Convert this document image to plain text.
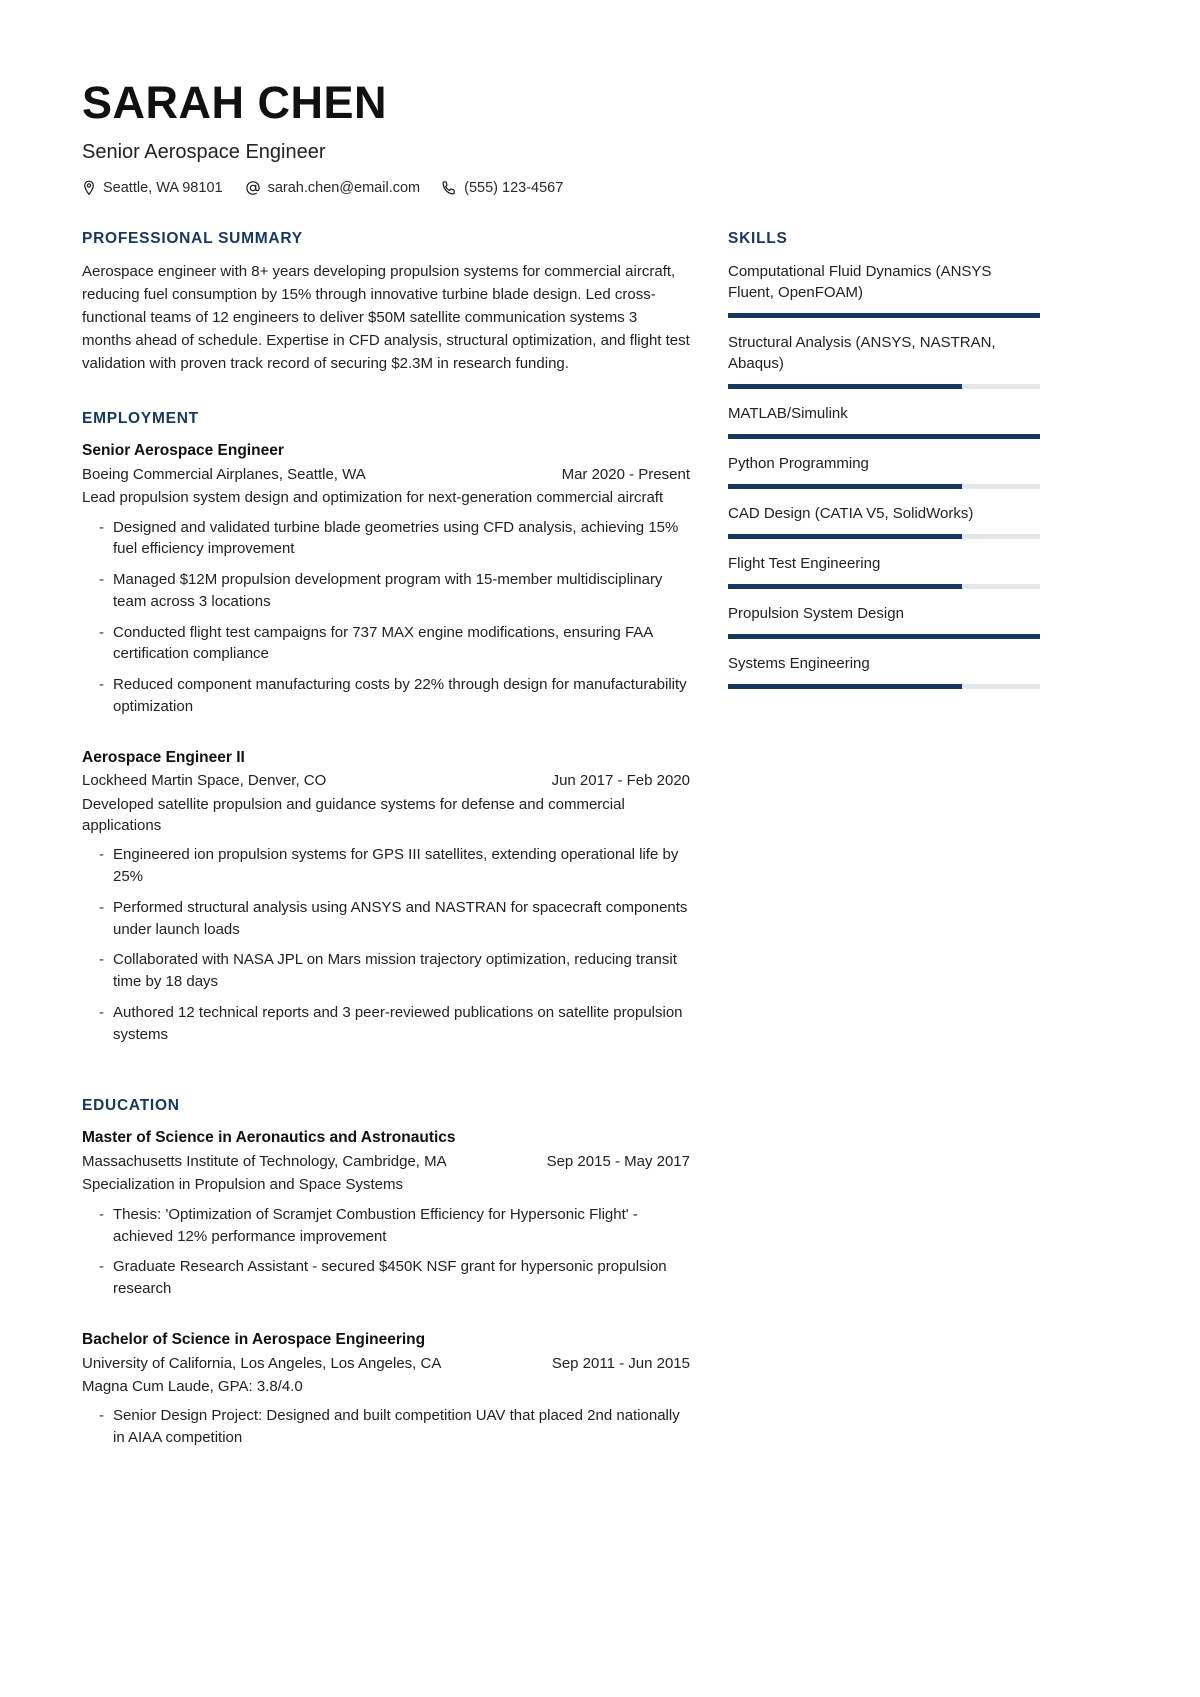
SARAH CHEN
Senior Aerospace Engineer
Seattle, WA 98101	sarah.chen@email.com	(555) 123-4567
PROFESSIONAL SUMMARY

Aerospace engineer with 8+ years developing propulsion systems for commercial aircraft, reducing fuel consumption by 15% through innovative turbine blade design. Led cross-functional teams of 12 engineers to deliver $50M satellite communication systems 3 months ahead of schedule. Expertise in CFD analysis, structural optimization, and flight test validation with proven track record of securing $2.3M in research funding.

EMPLOYMENT
Senior Aerospace Engineer
Boeing Commercial Airplanes, Seattle, WA	Mar 2020 - Present
Lead propulsion system design and optimization for next-generation commercial aircraft
- Designed and validated turbine blade geometries using CFD analysis, achieving 15% fuel efficiency improvement
- Managed $12M propulsion development program with 15-member multidisciplinary team across 3 locations
- Conducted flight test campaigns for 737 MAX engine modifications, ensuring FAA certification compliance
- Reduced component manufacturing costs by 22% through design for manufacturability optimization
Aerospace Engineer II
Lockheed Martin Space, Denver, CO	Jun 2017 - Feb 2020
Developed satellite propulsion and guidance systems for defense and commercial applications
- Engineered ion propulsion systems for GPS III satellites, extending operational life by 25%
- Performed structural analysis using ANSYS and NASTRAN for spacecraft components under launch loads
- Collaborated with NASA JPL on Mars mission trajectory optimization, reducing transit time by 18 days
- Authored 12 technical reports and 3 peer-reviewed publications on satellite propulsion systems
EDUCATION
Master of Science in Aeronautics and Astronautics
Massachusetts Institute of Technology, Cambridge, MA	Sep 2015 - May 2017
Specialization in Propulsion and Space Systems
- Thesis: 'Optimization of Scramjet Combustion Efficiency for Hypersonic Flight' - achieved 12% performance improvement
- Graduate Research Assistant - secured $450K NSF grant for hypersonic propulsion research
Bachelor of Science in Aerospace Engineering
University of California, Los Angeles, Los Angeles, CA	Sep 2011 - Jun 2015
Magna Cum Laude, GPA: 3.8/4.0
- Senior Design Project: Designed and built competition UAV that placed 2nd nationally in AIAA competition
SKILLS
Computational Fluid Dynamics (ANSYS Fluent, OpenFOAM)
Structural Analysis (ANSYS, NASTRAN, Abaqus)
MATLAB/Simulink
Python Programming
CAD Design (CATIA V5, SolidWorks)
Flight Test Engineering
Propulsion System Design
Systems Engineering
